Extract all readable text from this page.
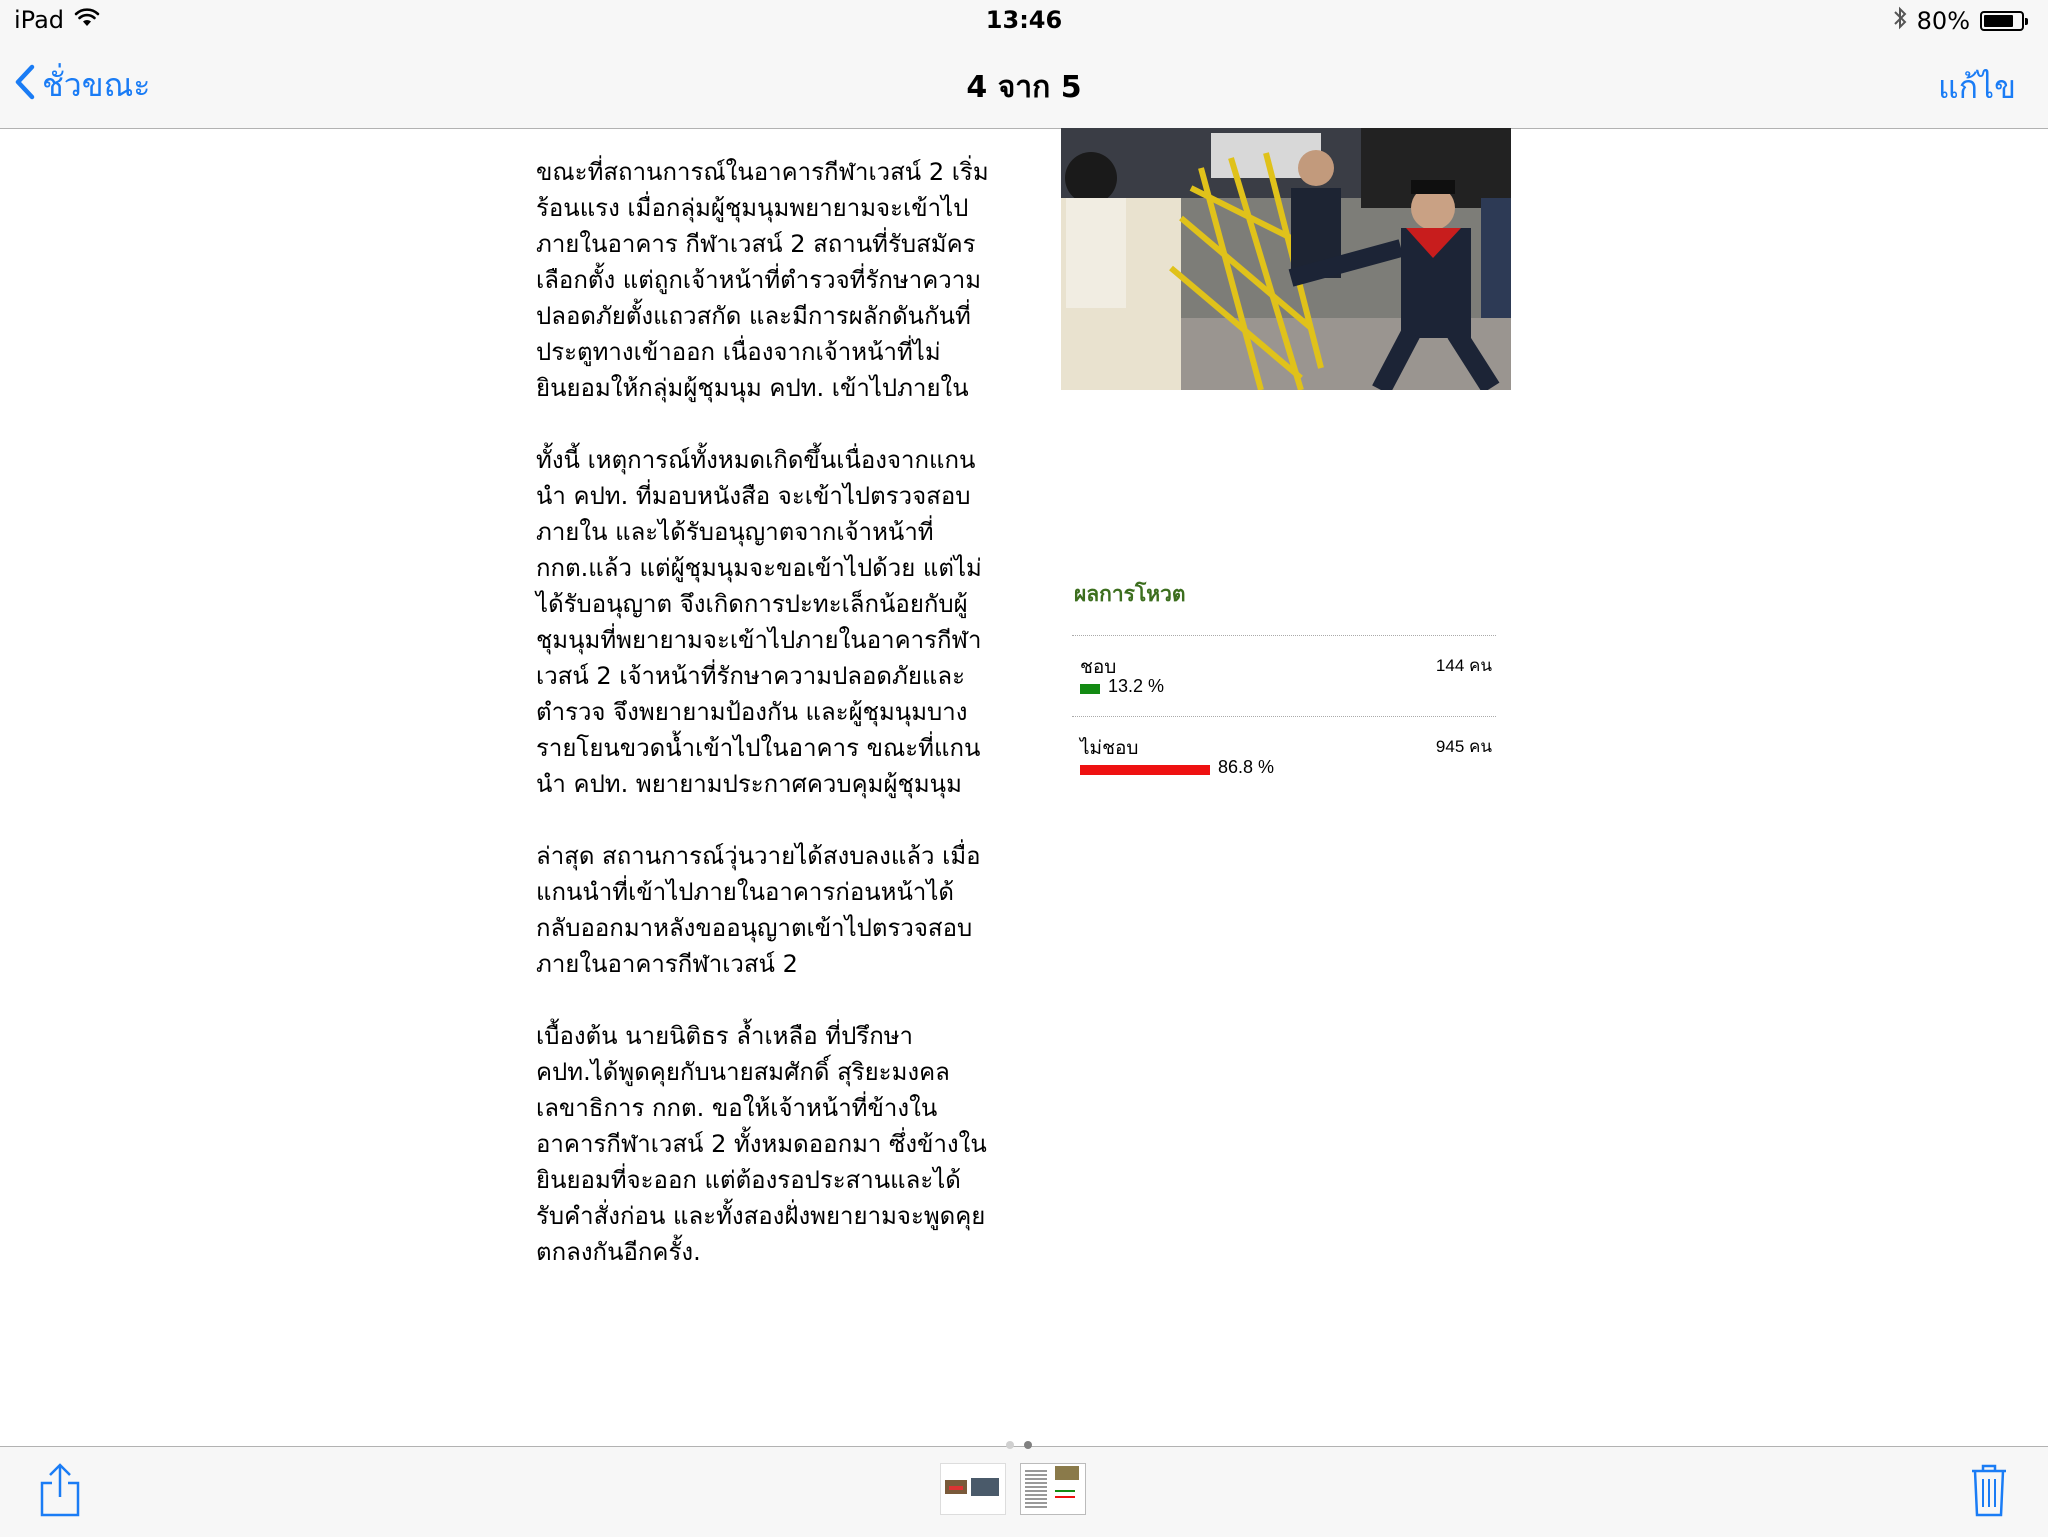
iPad	13:46	80%
ชั่วขณะ	4 จาก 5	แก้ไข

ขณะที่สถานการณ์ในอาคารกีฬาเวสน์ 2 เริ่มร้อนแรง เมื่อกลุ่มผู้ชุมนุมพยายามจะเข้าไปภายในอาคาร กีฬาเวสน์ 2 สถานที่รับสมัครเลือกตั้ง แต่ถูกเจ้าหน้าที่ตำรวจที่รักษาความปลอดภัยตั้งแถวสกัด และมีการผลักดันกันที่ประตูทางเข้าออก เนื่องจากเจ้าหน้าที่ไม่ยินยอมให้กลุ่มผู้ชุมนุม คปท. เข้าไปภายใน

ทั้งนี้ เหตุการณ์ทั้งหมดเกิดขึ้นเนื่องจากแกนนำ คปท. ที่มอบหนังสือ จะเข้าไปตรวจสอบภายใน และได้รับอนุญาตจากเจ้าหน้าที่ กกต.แล้ว แต่ผู้ชุมนุมจะขอเข้าไปด้วย แต่ไม่ได้รับอนุญาต จึงเกิดการปะทะเล็กน้อยกับผู้ชุมนุมที่พยายามจะเข้าไปภายในอาคารกีฬาเวสน์ 2 เจ้าหน้าที่รักษาความปลอดภัยและตำรวจ จึงพยายามป้องกัน และผู้ชุมนุมบางรายโยนขวดน้ำเข้าไปในอาคาร ขณะที่แกนนำ คปท. พยายามประกาศควบคุมผู้ชุมนุม

ล่าสุด สถานการณ์วุ่นวายได้สงบลงแล้ว เมื่อแกนนำที่เข้าไปภายในอาคารก่อนหน้าได้กลับออกมาหลังขออนุญาตเข้าไปตรวจสอบภายในอาคารกีฬาเวสน์ 2

เบื้องต้น นายนิติธร ล้ำเหลือ ที่ปรึกษา คปท.ได้พูดคุยกับนายสมศักดิ์ สุริยะมงคล เลขาธิการ กกต. ขอให้เจ้าหน้าที่ข้างในอาคารกีฬาเวสน์ 2 ทั้งหมดออกมา ซึ่งข้างในยินยอมที่จะออก แต่ต้องรอประสานและได้รับคำสั่งก่อน และทั้งสองฝั่งพยายามจะพูดคุยตกลงกันอีกครั้ง.

ผลการโหวต
ชอบ	144 คน
13.2 %
ไม่ชอบ	945 คน
86.8 %
